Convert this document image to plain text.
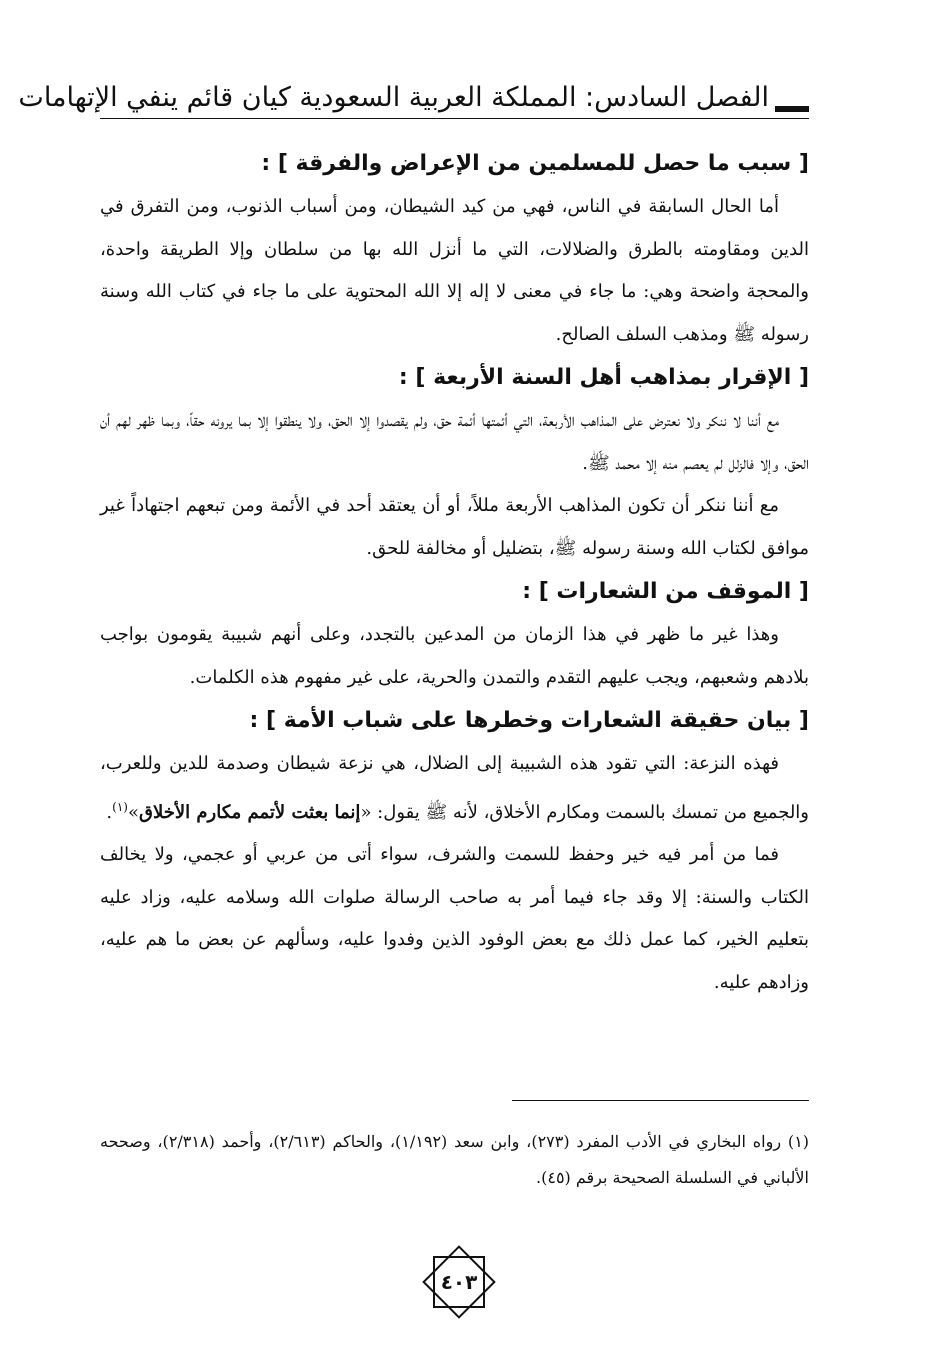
الفصل السادس: المملكة العربية السعودية كيان قائم ينفي الإتهامات
[ سبب ما حصل للمسلمين من الإعراض والفرقة ] :

أما الحال السابقة في الناس، فهي من كيد الشيطان، ومن أسباب الذنوب، ومن التفرق في الدين ومقاومته بالطرق والضلالات، التي ما أنزل الله بها من سلطان وإلا الطريقة واحدة، والمحجة واضحة وهي: ما جاء في معنى لا إله إلا الله المحتوية على ما جاء في كتاب الله وسنة رسوله ﷺ ومذهب السلف الصالح.

[ الإقرار بمذاهب أهل السنة الأربعة ] :

مع أننا لا ننكر ولا نعترض على المذاهب الأربعة، التي أئمتها أئمة حق، ولم يقصدوا إلا الحق، ولا ينطقوا إلا بما يرونه حقاً، وبما ظهر لهم أن الحق، وإلا فالزلل لم يعصم منه إلا محمد ﷺ.

مع أننا ننكر أن تكون المذاهب الأربعة مللاً، أو أن يعتقد أحد في الأئمة ومن تبعهم اجتهاداً غير موافق لكتاب الله وسنة رسوله ﷺ، بتضليل أو مخالفة للحق.

[ الموقف من الشعارات ] :

وهذا غير ما ظهر في هذا الزمان من المدعين بالتجدد، وعلى أنهم شبيبة يقومون بواجب بلادهم وشعبهم، ويجب عليهم التقدم والتمدن والحرية، على غير مفهوم هذه الكلمات.

[ بيان حقيقة الشعارات وخطرها على شباب الأمة ] :

فهذه النزعة: التي تقود هذه الشبيبة إلى الضلال، هي نزعة شيطان وصدمة للدين وللعرب، والجميع من تمسك بالسمت ومكارم الأخلاق، لأنه ﷺ يقول: «إنما بعثت لأتمم مكارم الأخلاق»$^{(١)}$.

فما من أمر فيه خير وحفظ للسمت والشرف، سواء أتى من عربي أو عجمي، ولا يخالف الكتاب والسنة: إلا وقد جاء فيما أمر به صاحب الرسالة صلوات الله وسلامه عليه، وزاد عليه بتعليم الخير، كما عمل ذلك مع بعض الوفود الذين وفدوا عليه، وسألهم عن بعض ما هم عليه، وزادهم عليه.

(١) رواه البخاري في الأدب المفرد (٢٧٣)، وابن سعد (١/١٩٢)، والحاكم (٢/٦١٣)، وأحمد (٢/٣١٨)، وصححه الألباني في السلسلة الصحيحة برقم (٤٥).
٤٠٣
